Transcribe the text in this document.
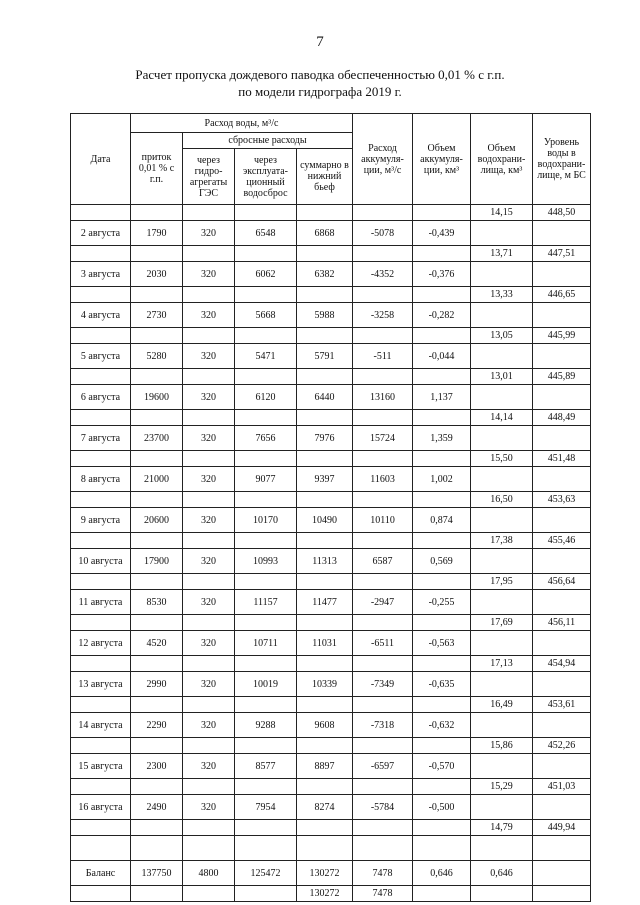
7
Расчет пропуска дождевого паводка обеспеченностью 0,01 % с г.п.
по модели гидрографа 2019 г.
Дата	Расход воды, м³/с				Расход аккумуля-ции, м³/с	Объем аккумуля-ции, км³	Объем водохрани-лища, км³	Уровень воды в водохрани-лище, м БС
	приток 0,01 % с г.п.	сбросные расходы						
		через гидро-агрегаты ГЭС	через эксплуата-ционный водосброс	суммарно в нижний бьеф				
							14,15	448,50
2 августа	1790	320	6548	6868	-5078	-0,439		
							13,71	447,51
3 августа	2030	320	6062	6382	-4352	-0,376		
							13,33	446,65
4 августа	2730	320	5668	5988	-3258	-0,282		
							13,05	445,99
5 августа	5280	320	5471	5791	-511	-0,044		
							13,01	445,89
6 августа	19600	320	6120	6440	13160	1,137		
							14,14	448,49
7 августа	23700	320	7656	7976	15724	1,359		
							15,50	451,48
8 августа	21000	320	9077	9397	11603	1,002		
							16,50	453,63
9 августа	20600	320	10170	10490	10110	0,874		
							17,38	455,46
10 августа	17900	320	10993	11313	6587	0,569		
							17,95	456,64
11 августа	8530	320	11157	11477	-2947	-0,255		
							17,69	456,11
12 августа	4520	320	10711	11031	-6511	-0,563		
							17,13	454,94
13 августа	2990	320	10019	10339	-7349	-0,635		
							16,49	453,61
14 августа	2290	320	9288	9608	-7318	-0,632		
							15,86	452,26
15 августа	2300	320	8577	8897	-6597	-0,570		
							15,29	451,03
16 августа	2490	320	7954	8274	-5784	-0,500		
							14,79	449,94

Баланс	137750	4800	125472	130272	7478	0,646	0,646	
				130272	7478			
